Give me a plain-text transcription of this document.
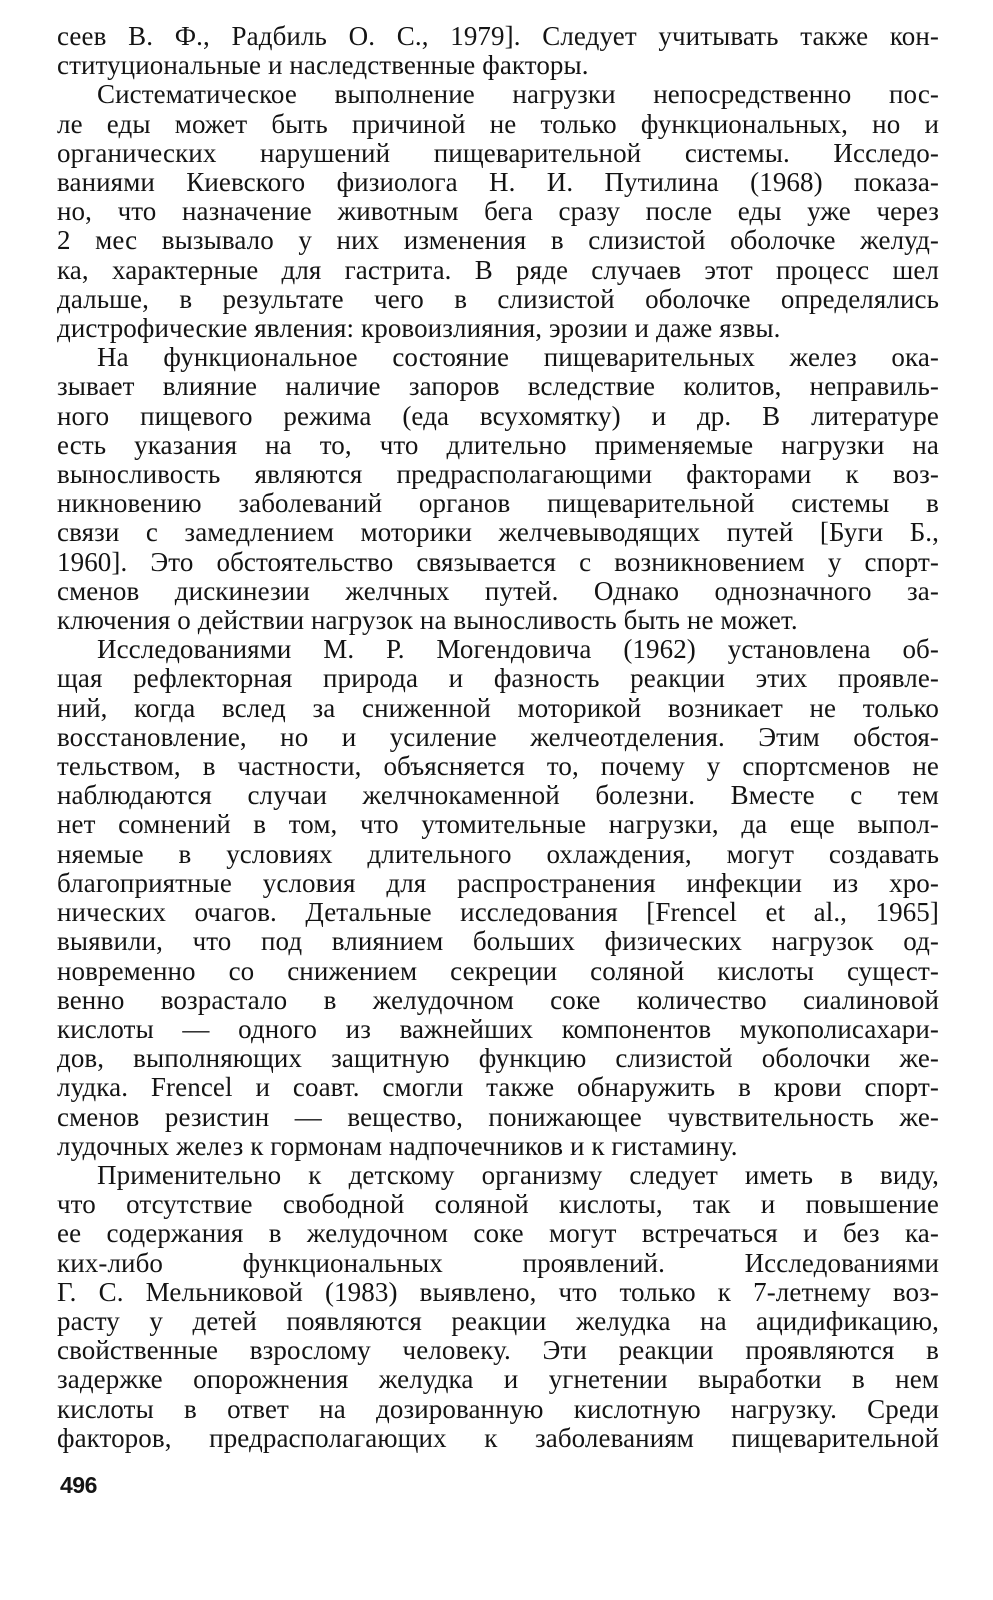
сеев В. Ф., Радбиль О. С., 1979]. Следует учитывать также кон-
ституциональные и наследственные факторы.
Систематическое выполнение нагрузки непосредственно пос-
ле еды может быть причиной не только функциональных, но и
органических нарушений пищеварительной системы. Исследо-
ваниями Киевского физиолога Н. И. Путилина (1968) показа-
но, что назначение животным бега сразу после еды уже через
2 мес вызывало у них изменения в слизистой оболочке желуд-
ка, характерные для гастрита. В ряде случаев этот процесс шел
дальше, в результате чего в слизистой оболочке определялись
дистрофические явления: кровоизлияния, эрозии и даже язвы.
На функциональное состояние пищеварительных желез ока-
зывает влияние наличие запоров вследствие колитов, неправиль-
ного пищевого режима (еда всухомятку) и др. В литературе
есть указания на то, что длительно применяемые нагрузки на
выносливость являются предрасполагающими факторами к воз-
никновению заболеваний органов пищеварительной системы в
связи с замедлением моторики желчевыводящих путей [Буги Б.,
1960]. Это обстоятельство связывается с возникновением у спорт-
сменов дискинезии желчных путей. Однако однозначного за-
ключения о действии нагрузок на выносливость быть не может.
Исследованиями М. Р. Могендовича (1962) установлена об-
щая рефлекторная природа и фазность реакции этих проявле-
ний, когда вслед за сниженной моторикой возникает не только
восстановление, но и усиление желчеотделения. Этим обстоя-
тельством, в частности, объясняется то, почему у спортсменов не
наблюдаются случаи желчнокаменной болезни. Вместе с тем
нет сомнений в том, что утомительные нагрузки, да еще выпол-
няемые в условиях длительного охлаждения, могут создавать
благоприятные условия для распространения инфекции из хро-
нических очагов. Детальные исследования [Frencel et al., 1965]
выявили, что под влиянием больших физических нагрузок од-
новременно со снижением секреции соляной кислоты сущест-
венно возрастало в желудочном соке количество сиалиновой
кислоты — одного из важнейших компонентов мукополисахари-
дов, выполняющих защитную функцию слизистой оболочки же-
лудка. Frencel и соавт. смогли также обнаружить в крови спорт-
сменов резистин — вещество, понижающее чувствительность же-
лудочных желез к гормонам надпочечников и к гистамину.
Применительно к детскому организму следует иметь в виду,
что отсутствие свободной соляной кислоты, так и повышение
ее содержания в желудочном соке могут встречаться и без ка-
ких-либо функциональных проявлений. Исследованиями
Г. С. Мельниковой (1983) выявлено, что только к 7-летнему воз-
расту у детей появляются реакции желудка на ацидификацию,
свойственные взрослому человеку. Эти реакции проявляются в
задержке опорожнения желудка и угнетении выработки в нем
кислоты в ответ на дозированную кислотную нагрузку. Среди
факторов, предрасполагающих к заболеваниям пищеварительной
496
